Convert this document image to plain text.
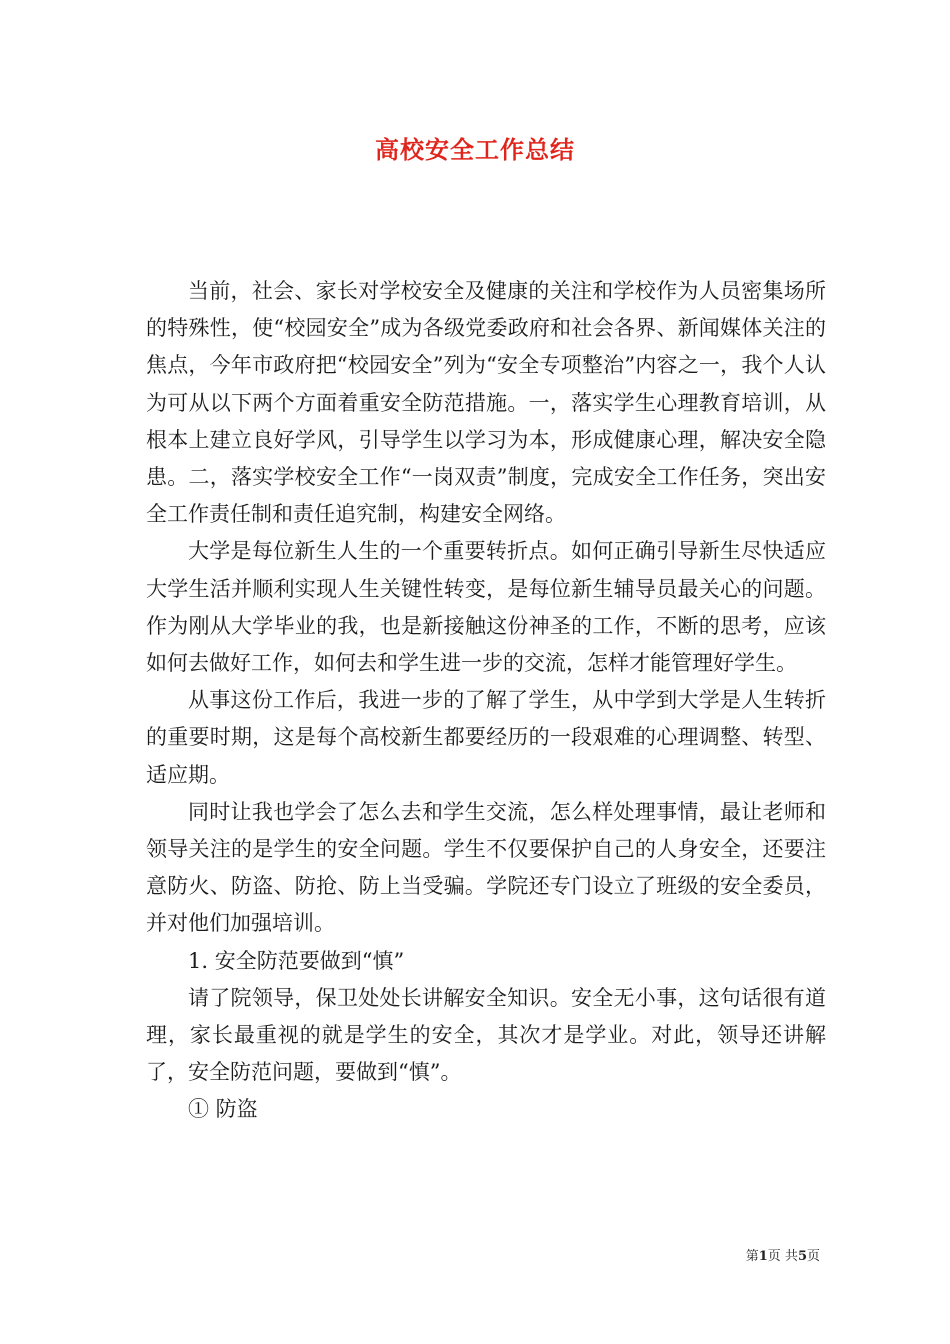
高校安全工作总结

当前，社会、家长对学校安全及健康的关注和学校作为人员密集场所的特殊性，使“校园安全”成为各级党委政府和社会各界、新闻媒体关注的焦点，今年市政府把“校园安全”列为“安全专项整治”内容之一，我个人认为可从以下两个方面着重安全防范措施。一，落实学生心理教育培训，从根本上建立良好学风，引导学生以学习为本，形成健康心理，解决安全隐患。二，落实学校安全工作“一岗双责”制度，完成安全工作任务，突出安全工作责任制和责任追究制，构建安全网络。

大学是每位新生人生的一个重要转折点。如何正确引导新生尽快适应大学生活并顺利实现人生关键性转变，是每位新生辅导员最关心的问题。作为刚从大学毕业的我，也是新接触这份神圣的工作，不断的思考，应该如何去做好工作，如何去和学生进一步的交流，怎样才能管理好学生。

从事这份工作后，我进一步的了解了学生，从中学到大学是人生转折的重要时期，这是每个高校新生都要经历的一段艰难的心理调整、转型、适应期。

同时让我也学会了怎么去和学生交流，怎么样处理事情，最让老师和领导关注的是学生的安全问题。学生不仅要保护自己的人身安全，还要注意防火、防盗、防抢、防上当受骗。学院还专门设立了班级的安全委员，并对他们加强培训。

1. 安全防范要做到“慎”

请了院领导，保卫处处长讲解安全知识。安全无小事，这句话很有道理，家长最重视的就是学生的安全，其次才是学业。对此，领导还讲解了，安全防范问题，要做到“慎”。

① 防盗

第1页 共5页
